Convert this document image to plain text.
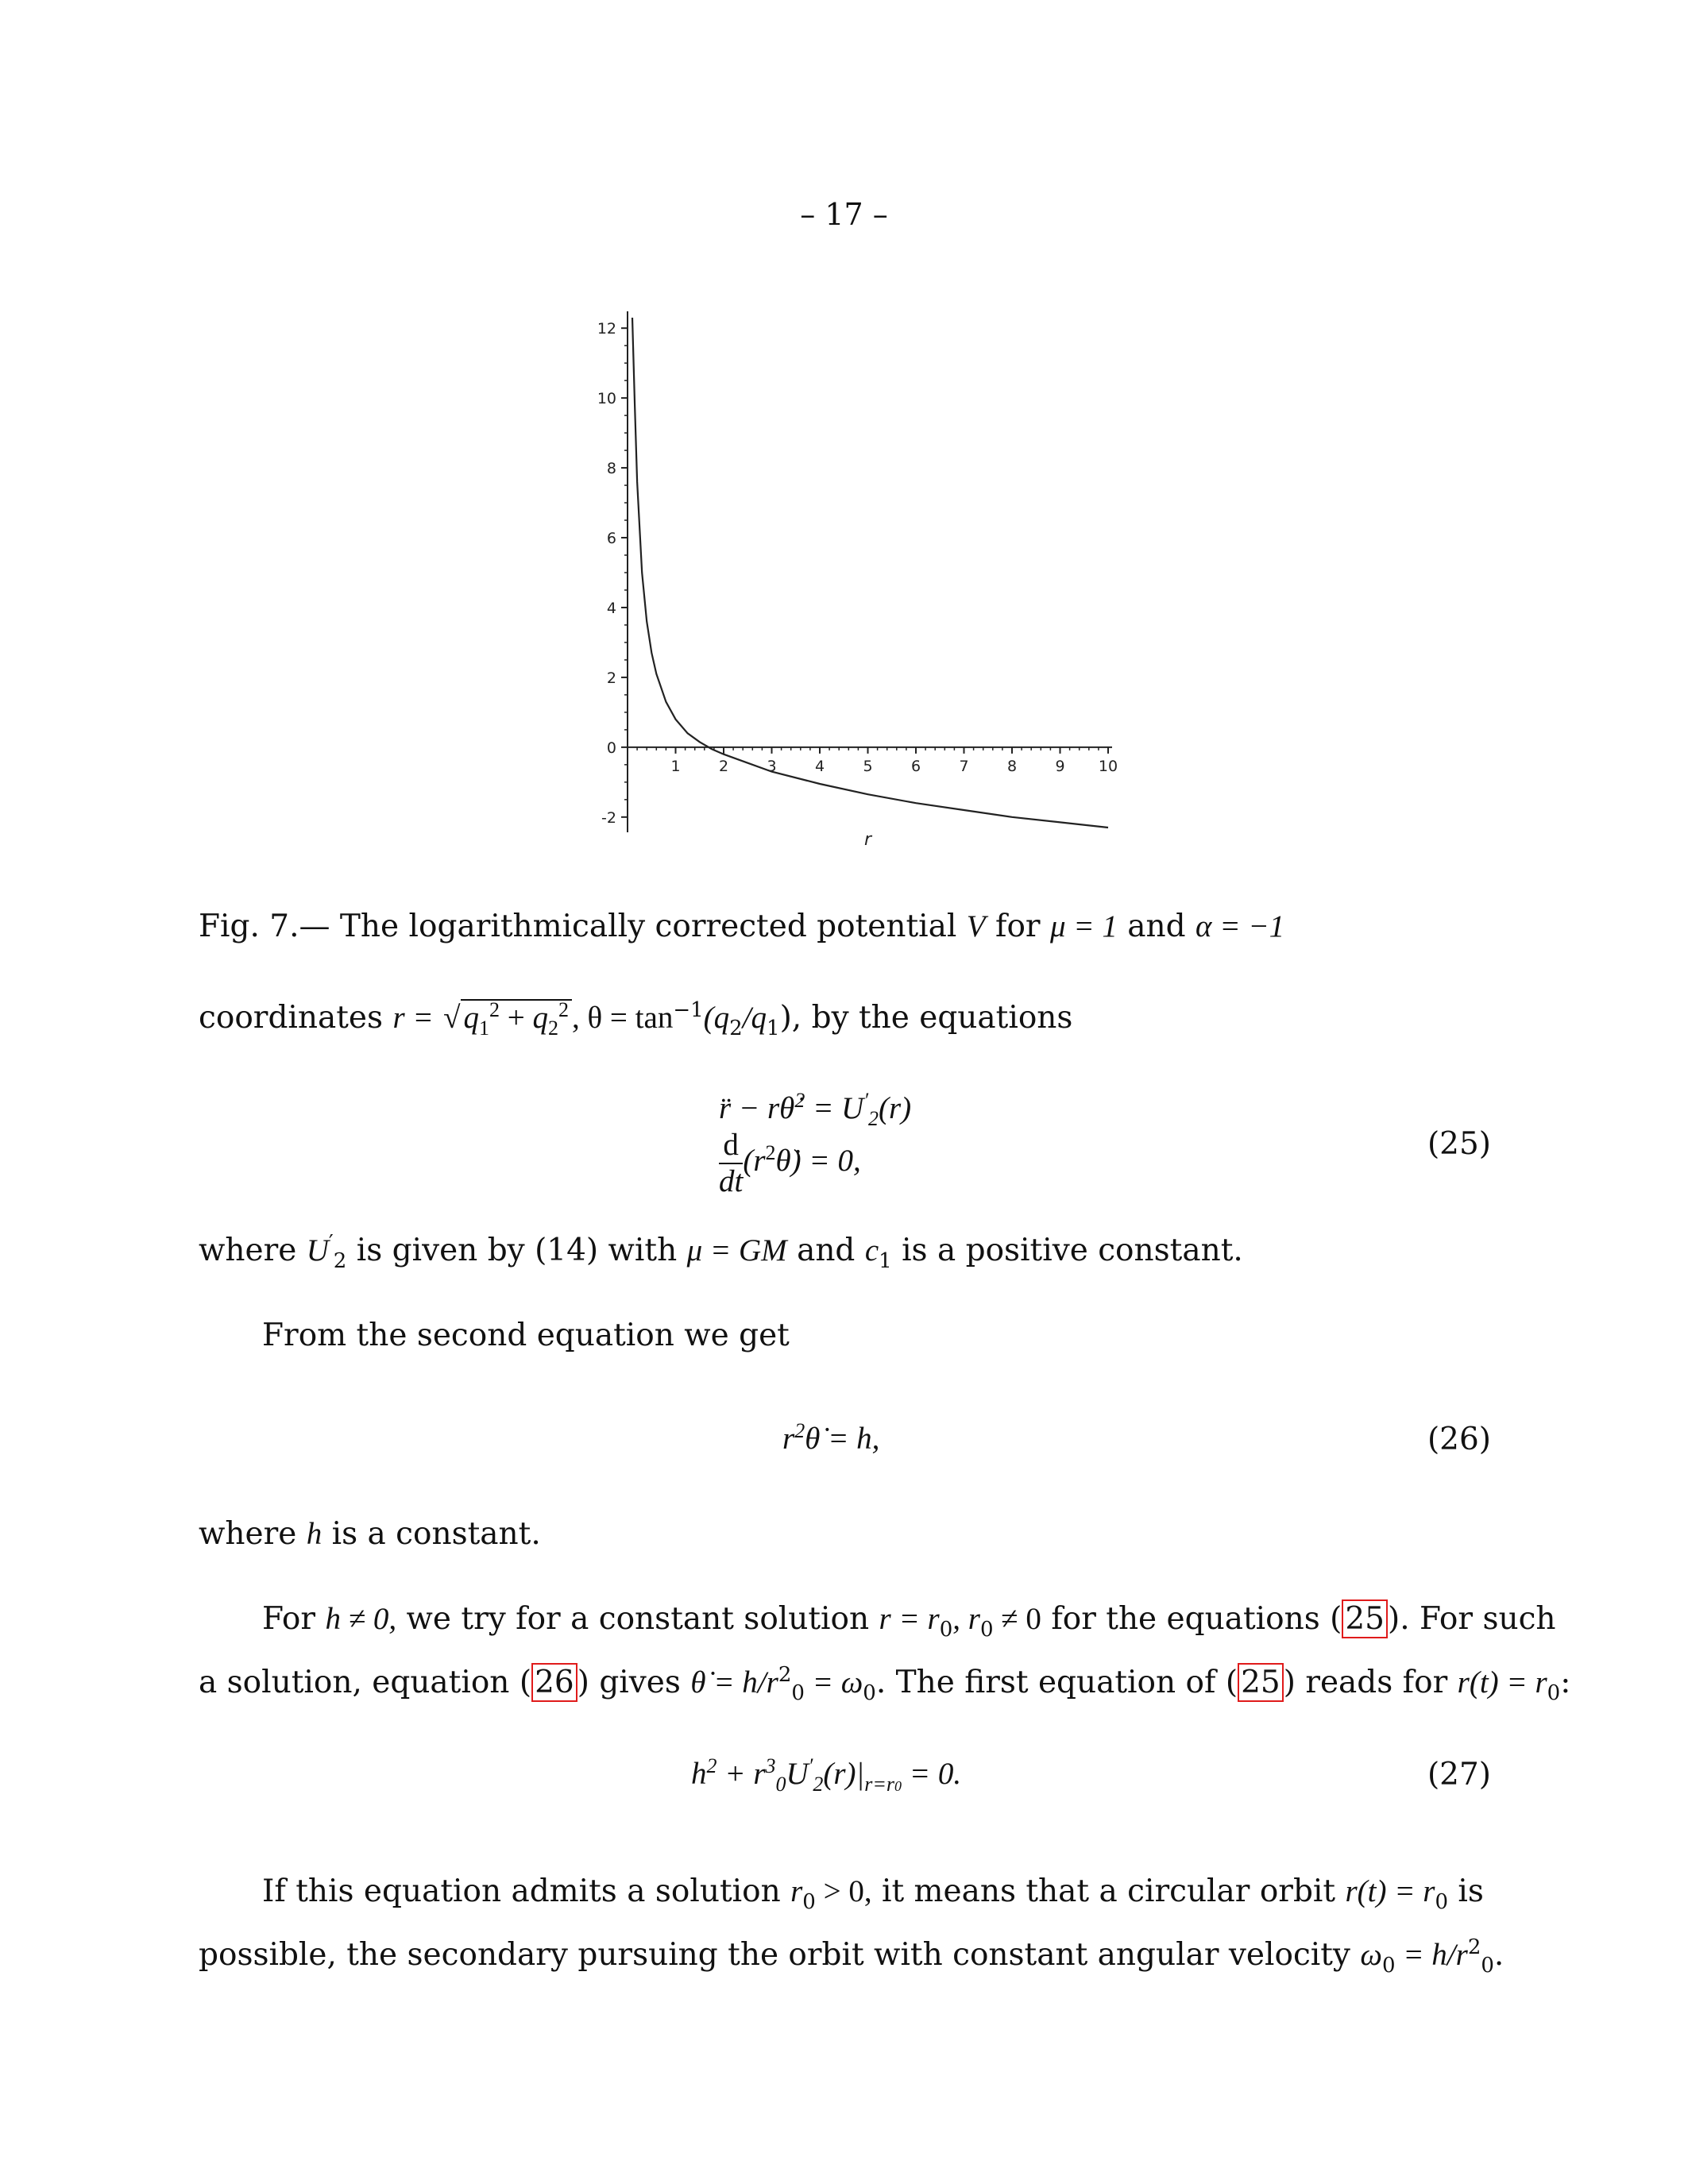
– 17 –
-2
0
2
4
6
8
10
12
1	2	3	4	5	6	7	8	9 10
r
Fig. 7.— The logarithmically corrected potential V for μ = 1 and α = −1
coordinates r = √ $q_1^2 + q_2^2$ , $\theta = \tan^{-1}(q_2/q_1)$, by the equations
r̈ − rθ̇$^2$ = $U'_2(r)$
$\frac{d}{dt}$ $(r^2\thetȧ) = 0$,	(25)
where $U'_2$ is given by (14) with μ = GM and $c_1$ is a positive constant.
From the second equation we get
$r^2\thetȧ = h$,	(26)
where h is a constant.
For h ≠ 0, we try for a constant solution $r = r_0$, $r_0 \ne 0$ for the equations ( 25 ). For such
a solution, equation ( 26 ) gives θ̇ = $h/r^2_0 = \omega_0$. The first equation of ( 25 ) reads for $r(t) = r_0$:
$h^2 + r^3_0U'_2(r)|_{r=r0} = 0$.	(27)
If this equation admits a solution $r_0 > 0$, it means that a circular orbit $r(t) = r_0$ is
possible, the secondary pursuing the orbit with constant angular velocity $\omega_0 = h/r^2_0$.
